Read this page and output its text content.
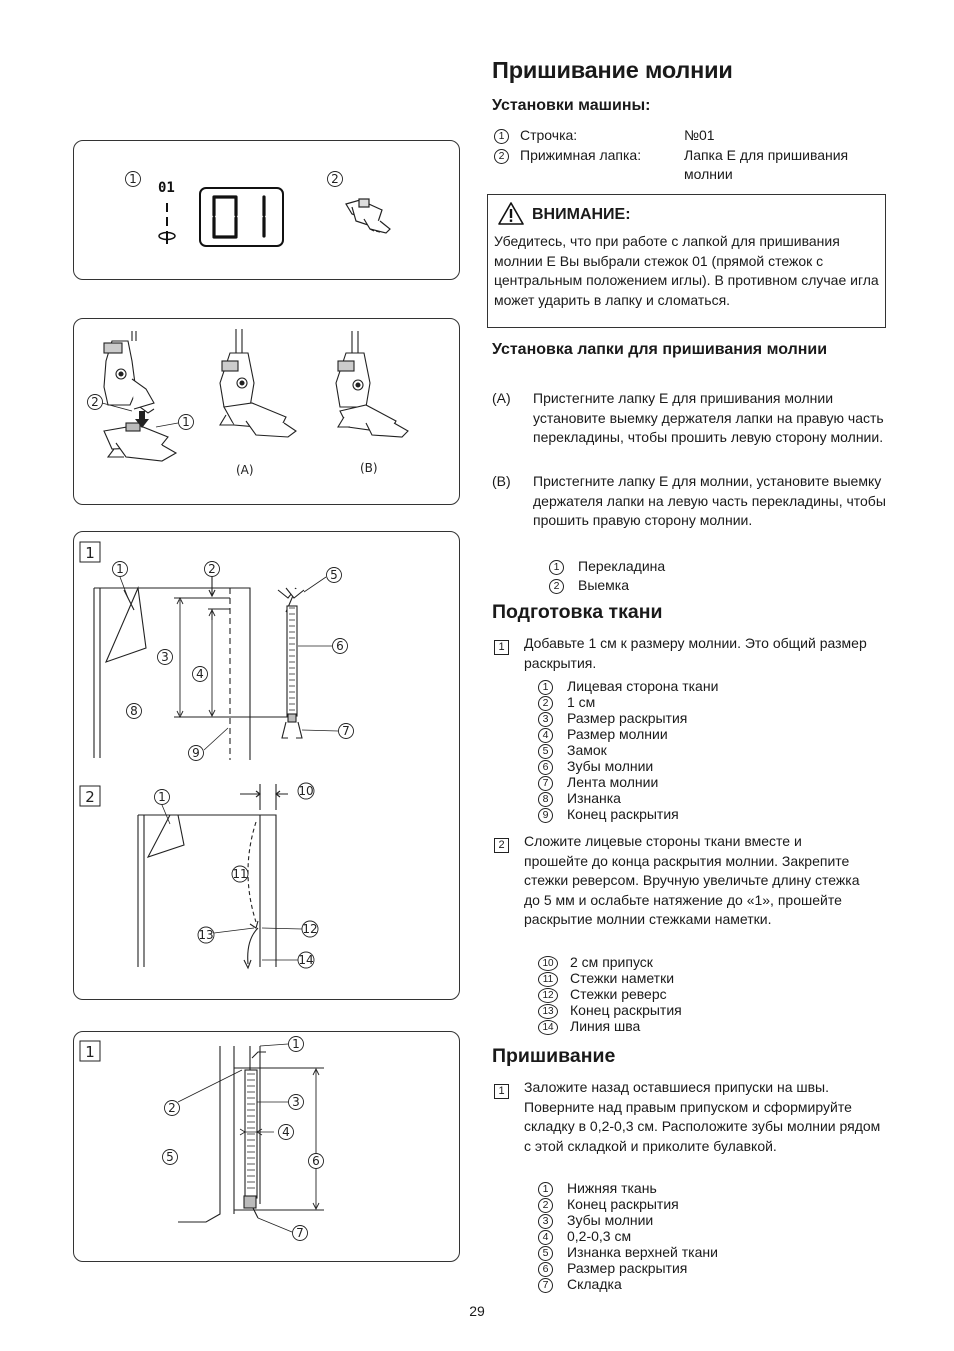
1
01
2
2
1
(A)	(B)
1
1	2
3
4
5
6
7
8
9
2	1	10
11
12
13
14
1	1
2	3
4
5	6
7
Пришивание молнии
Установки машины:
1 Строчка:	№01
2 Прижимная лапка:	Лапка E для пришивания молнии
ВНИМАНИЕ:
Убедитесь, что при работе с лапкой для пришивания молнии E Вы выбрали стежок 01 (прямой стежок с центральным положением иглы). В противном случае игла может ударить в лапку и сломаться.
Установка лапки для пришивания молнии
(A)	Пристегните лапку E для пришивания молнии установите выемку держателя лапки на правую часть перекладины, чтобы прошить левую сторону молнии.
(B)	Пристегните лапку E для молнии, установите выемку держателя лапки на левую часть перекладины, чтобы прошить правую сторону молнии.
1 Перекладина
2 Выемка
Подготовка ткани
1	Добавьте 1 см к размеру молнии. Это общий размер раскрытия.
1 Лицевая сторона ткани
2 1 см
3 Размер раскрытия
4 Размер молнии
5 Замок
6 Зубы молнии
7 Лента молнии
8 Изнанка
9 Конец раскрытия
2	Сложите лицевые стороны ткани вместе и прошейте до конца раскрытия молнии. Закрепите стежки реверсом. Вручную увеличьте длину стежка до 5 мм и ослабьте натяжение до «1», прошейте раскрытие молнии стежками наметки.
10 2 см припуск
11 Стежки наметки
12 Стежки реверс
13 Конец раскрытия
14 Линия шва
Пришивание
1	Заложите назад оставшиеся припуски на швы. Поверните над правым припуском и сформируйте складку в 0,2-0,3 см. Расположите зубы молнии рядом с этой складкой и приколите булавкой.
1 Нижняя ткань
2 Конец раскрытия
3 Зубы молнии
4 0,2-0,3 см
5 Изнанка верхней ткани
6 Размер раскрытия
7 Складка
29
